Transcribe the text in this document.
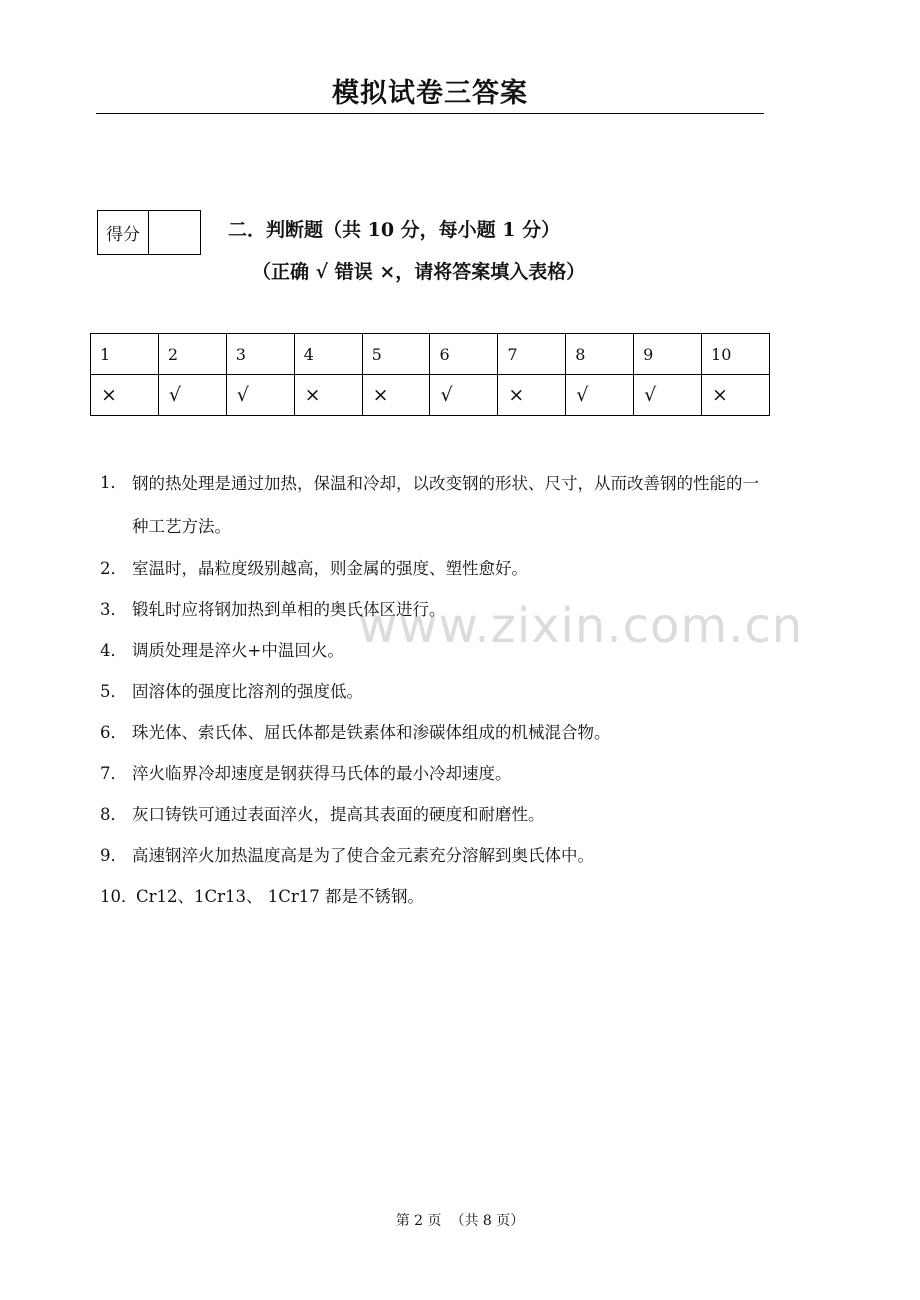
模拟试卷三答案
得分	二．判断题（共 10 分，每小题 1 分）
（正确 √ 错误 ×，请将答案填入表格）
1	2	3	4	5	6	7	8	9	10
×	√	√	×	×	√	×	√	√	×
www.zixin.com.cn
1． 钢的热处理是通过加热，保温和冷却，以改变钢的形状、尺寸，从而改善钢的性能的一种工艺方法。
2． 室温时，晶粒度级别越高，则金属的强度、塑性愈好。
3． 锻轧时应将钢加热到单相的奥氏体区进行。
4． 调质处理是淬火+中温回火。
5． 固溶体的强度比溶剂的强度低。
6． 珠光体、索氏体、屈氏体都是铁素体和渗碳体组成的机械混合物。
7． 淬火临界冷却速度是钢获得马氏体的最小冷却速度。
8． 灰口铸铁可通过表面淬火，提高其表面的硬度和耐磨性。
9． 高速钢淬火加热温度高是为了使合金元素充分溶解到奥氏体中。
10．
Cr12、1Cr13、 1Cr17 都是不锈钢。
第 2 页  （共 8 页）
